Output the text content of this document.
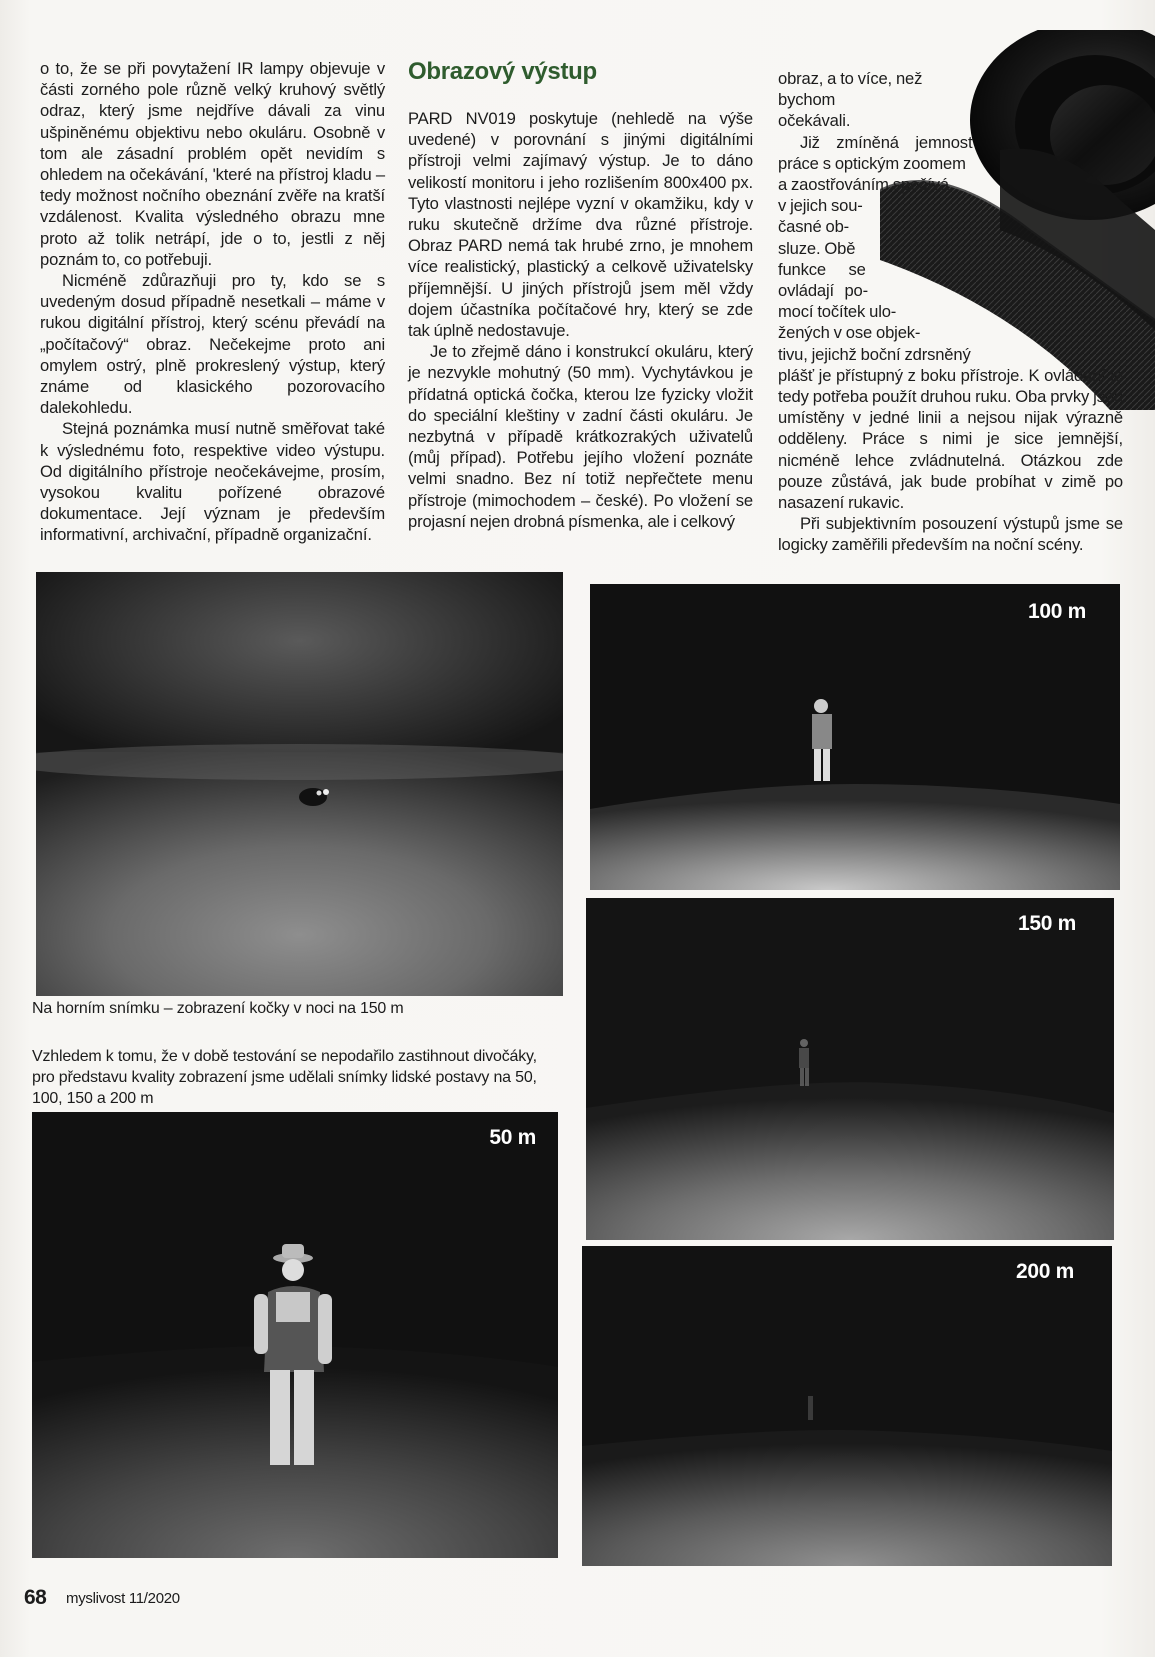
o to, že se při povytažení IR lampy objevuje v části zorného pole různě velký kruhový světlý odraz, který jsme nejdříve dávali za vinu ušpiněnému objektivu nebo okuláru. Osobně v tom ale zásadní problém opět nevidím s ohledem na očekávání, 'které na přístroj kladu – tedy možnost nočního obeznání zvěře na kratší vzdálenost. Kvalita výsledného obrazu mne proto až tolik netrápí, jde o to, jestli z něj poznám to, co potřebuji.

Nicméně zdůrazňuji pro ty, kdo se s uvedeným dosud případně nesetkali – máme v rukou digitální přístroj, který scénu převádí na „počítačový“ obraz. Nečekejme proto ani omylem ostrý, plně prokreslený výstup, který známe od klasického pozorovacího dalekohledu.

Stejná poznámka musí nutně směřovat také k výslednému foto, respektive video výstupu. Od digitálního přístroje neočekávejme, prosím, vysokou kvalitu pořízené obrazové dokumentace. Její význam je především informativní, archivační, případně organizační.

Obrazový výstup

PARD NV019 poskytuje (nehledě na výše uvedené) v porovnání s jinými digitálními přístroji velmi zajímavý výstup. Je to dáno velikostí monitoru i jeho rozlišením 800x400 px. Tyto vlastnosti nejlépe vyzní v okamžiku, kdy v ruku skutečně držíme dva různé přístroje. Obraz PARD nemá tak hrubé zrno, je mnohem více realistický, plastický a celkově uživatelsky příjemnější. U jiných přístrojů jsem měl vždy dojem účastníka počítačové hry, který se zde tak úplně nedostavuje.

Je to zřejmě dáno i konstrukcí okuláru, který je nezvykle mohutný (50 mm). Vychytávkou je přídatná optická čočka, kterou lze fyzicky vložit do speciální kleštiny v zadní části okuláru. Je nezbytná v případě krátkozrakých uživatelů (můj případ). Potřebu jejího vložení poznáte velmi snadno. Bez ní totiž nepřečtete menu přístroje (mimochodem – české). Po vložení se projasní nejen drobná písmenka, ale i celkový

obraz, a to více, než bychom

očekávali.

Již zmíněná jemnost

práce s optickým zoomem

a zaostřováním spočívá

v jejich sou-

časné ob-

sluze. Obě

funkce se

ovládají po-

mocí točítek ulo-

žených v ose objek-

tivu, jejichž boční zdrsněný

plášť je přístupný z boku přístroje. K ovládání je tedy potřeba použít druhou ruku. Oba prvky jsou umístěny v jedné linii a nejsou nijak výrazně odděleny. Práce s nimi je sice jemnější, nicméně lehce zvládnutelná. Otázkou zde pouze zůstává, jak bude probíhat v zimě po nasazení rukavic.

Při subjektivním posouzení výstupů jsme se logicky zaměřili především na noční scény.

Na horním snímku – zobrazení kočky v noci na 150 m
Vzhledem k tomu, že v době testování se nepodařilo zastihnout divočáky, pro představu kvality zobrazení jsme udělali snímky lidské postavy na 50, 100, 150 a 200 m
100 m
150 m
200 m
50 m
68 myslivost 11/2020
